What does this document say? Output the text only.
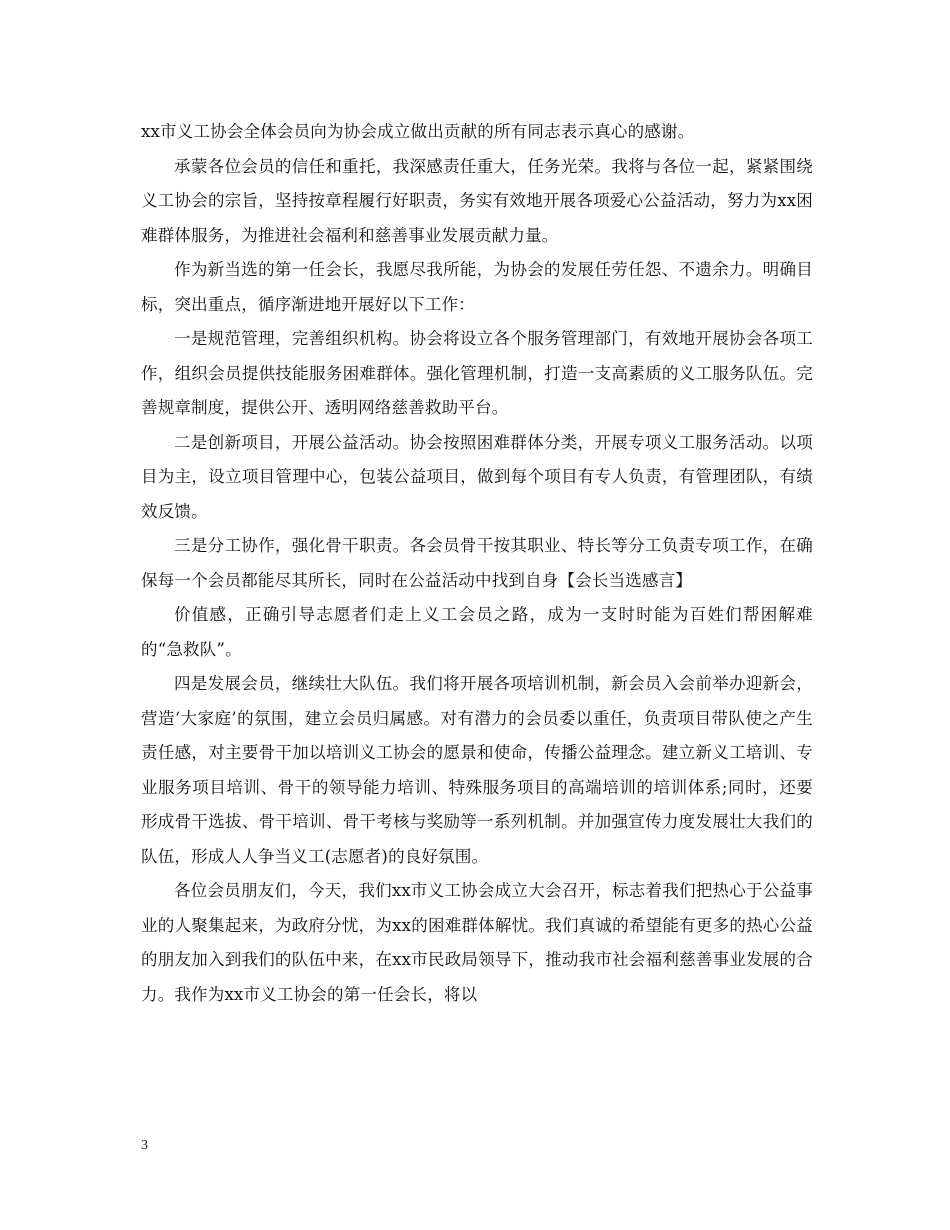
xx市义工协会全体会员向为协会成立做出贡献的所有同志表示真心的感谢。

承蒙各位会员的信任和重托，我深感责任重大，任务光荣。我将与各位一起，紧紧围绕义工协会的宗旨，坚持按章程履行好职责，务实有效地开展各项爱心公益活动，努力为xx困难群体服务，为推进社会福利和慈善事业发展贡献力量。

作为新当选的第一任会长，我愿尽我所能，为协会的发展任劳任怨、不遗余力。明确目标，突出重点，循序渐进地开展好以下工作：

一是规范管理，完善组织机构。协会将设立各个服务管理部门，有效地开展协会各项工作，组织会员提供技能服务困难群体。强化管理机制，打造一支高素质的义工服务队伍。完善规章制度，提供公开、透明网络慈善救助平台。

二是创新项目，开展公益活动。协会按照困难群体分类，开展专项义工服务活动。以项目为主，设立项目管理中心，包装公益项目，做到每个项目有专人负责，有管理团队，有绩效反馈。

三是分工协作，强化骨干职责。各会员骨干按其职业、特长等分工负责专项工作，在确保每一个会员都能尽其所长，同时在公益活动中找到自身【会长当选感言】

价值感，正确引导志愿者们走上义工会员之路，成为一支时时能为百姓们帮困解难的“急救队”。

四是发展会员，继续壮大队伍。我们将开展各项培训机制，新会员入会前举办迎新会，营造‘大家庭’的氛围，建立会员归属感。对有潜力的会员委以重任，负责项目带队使之产生责任感，对主要骨干加以培训义工协会的愿景和使命，传播公益理念。建立新义工培训、专业服务项目培训、骨干的领导能力培训、特殊服务项目的高端培训的培训体系;同时，还要形成骨干选拔、骨干培训、骨干考核与奖励等一系列机制。并加强宣传力度发展壮大我们的队伍，形成人人争当义工(志愿者)的良好氛围。

各位会员朋友们，今天，我们xx市义工协会成立大会召开，标志着我们把热心于公益事业的人聚集起来，为政府分忧，为xx的困难群体解忧。我们真诚的希望能有更多的热心公益的朋友加入到我们的队伍中来，在xx市民政局领导下，推动我市社会福利慈善事业发展的合力。我作为xx市义工协会的第一任会长，将以

3
